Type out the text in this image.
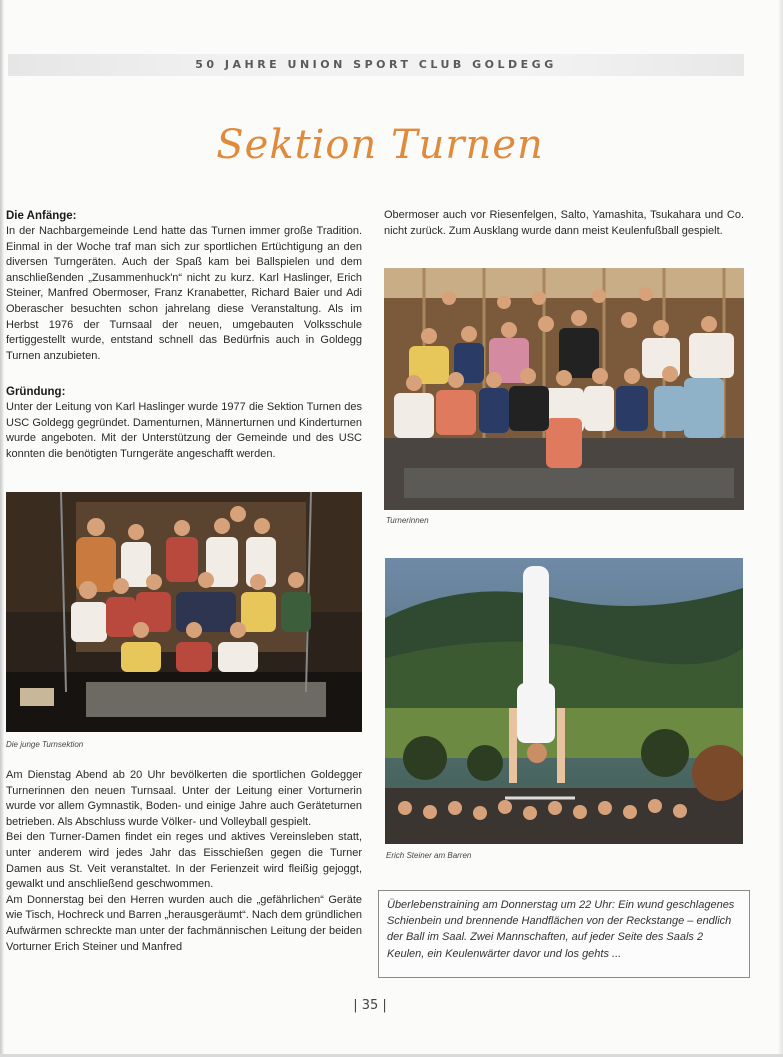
50 JAHRE UNION SPORT CLUB GOLDEGG
Sektion Turnen
Die Anfänge:

In der Nachbargemeinde Lend hatte das Turnen immer große Tradition. Einmal in der Woche traf man sich zur sportlichen Ertüchtigung an den diversen Turngeräten. Auch der Spaß kam bei Ballspielen und dem anschließenden „Zusammenhuck'n“ nicht zu kurz. Karl Haslinger, Erich Steiner, Manfred Obermoser, Franz Kranabetter, Richard Baier und Adi Oberascher besuchten schon jahrelang diese Veranstaltung. Als im Herbst 1976 der Turnsaal der neuen, umgebauten Volksschule fertiggestellt wurde, entstand schnell das Bedürfnis auch in Goldegg Turnen anzubieten.

Gründung:

Unter der Leitung von Karl Haslinger wurde 1977 die Sektion Turnen des USC Goldegg gegründet. Damenturnen, Männerturnen und Kinderturnen wurde angeboten. Mit der Unterstützung der Gemeinde und des USC konnten die benötigten Turngeräte angeschafft werden.

Die junge Turnsektion

Am Dienstag Abend ab 20 Uhr bevölkerten die sportlichen Goldegger Turnerinnen den neuen Turnsaal. Unter der Leitung einer Vorturnerin wurde vor allem Gymnastik, Boden- und einige Jahre auch Geräteturnen betrieben. Als Abschluss wurde Völker- und Volleyball gespielt.

Bei den Turner-Damen findet ein reges und aktives Vereinsleben statt, unter anderem wird jedes Jahr das Eisschießen gegen die Turner Damen aus St. Veit veranstaltet. In der Ferienzeit wird fleißig gejoggt, gewalkt und anschließend geschwommen.

Am Donnerstag bei den Herren wurden auch die „gefährlichen“ Geräte wie Tisch, Hochreck und Barren „herausgeräumt“. Nach dem gründlichen Aufwärmen schreckte man unter der fachmännischen Leitung der beiden Vorturner Erich Steiner und Manfred

Obermoser auch vor Riesenfelgen, Salto, Yamashita, Tsukahara und Co. nicht zurück. Zum Ausklang wurde dann meist Keulenfußball gespielt.

Turnerinnen
Erich Steiner am Barren
Überlebenstraining am Donnerstag um 22 Uhr: Ein wund geschlagenes Schienbein und brennende Handflächen von der Reckstange – endlich der Ball im Saal. Zwei Mannschaften, auf jeder Seite des Saals 2 Keulen, ein Keulenwärter davor und los gehts ...
| 35 |
